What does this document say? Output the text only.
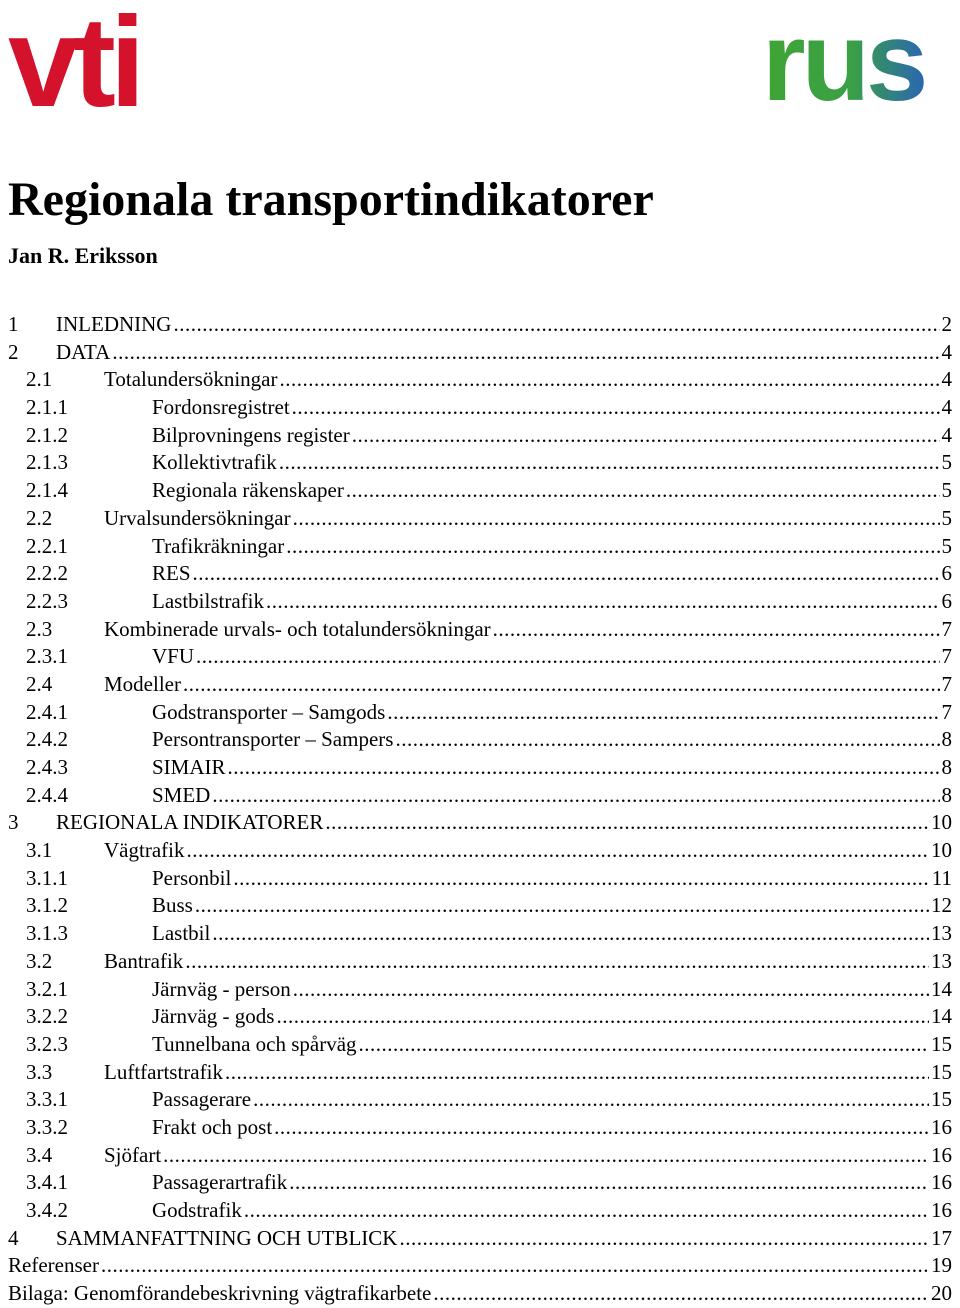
vti	rus
Regionala transportindikatorer
Jan R. Eriksson
1	INLEDNING .....	2
2	DATA .....	4
2.1	Totalundersökningar .....	4
2.1.1	Fordonsregistret .....	4
2.1.2	Bilprovningens register .....	4
2.1.3	Kollektivtrafik .....	5
2.1.4	Regionala räkenskaper .....	5
2.2	Urvalsundersökningar .....	5
2.2.1	Trafikräkningar .....	5
2.2.2	RES .....	6
2.2.3	Lastbilstrafik .....	6
2.3	Kombinerade urvals- och totalundersökningar .....	7
2.3.1	VFU .....	7
2.4	Modeller .....	7
2.4.1	Godstransporter – Samgods .....	7
2.4.2	Persontransporter – Sampers .....	8
2.4.3	SIMAIR .....	8
2.4.4	SMED .....	8
3	REGIONALA INDIKATORER .....	10
3.1	Vägtrafik .....	10
3.1.1	Personbil .....	11
3.1.2	Buss .....	12
3.1.3	Lastbil .....	13
3.2	Bantrafik .....	13
3.2.1	Järnväg - person .....	14
3.2.2	Järnväg - gods .....	14
3.2.3	Tunnelbana och spårväg .....	15
3.3	Luftfartstrafik .....	15
3.3.1	Passagerare .....	15
3.3.2	Frakt och post .....	16
3.4	Sjöfart .....	16
3.4.1	Passagerartrafik .....	16
3.4.2	Godstrafik .....	16
4	SAMMANFATTNING OCH UTBLICK .....	17
Referenser .....	19
Bilaga: Genomförandebeskrivning vägtrafikarbete .....	20
